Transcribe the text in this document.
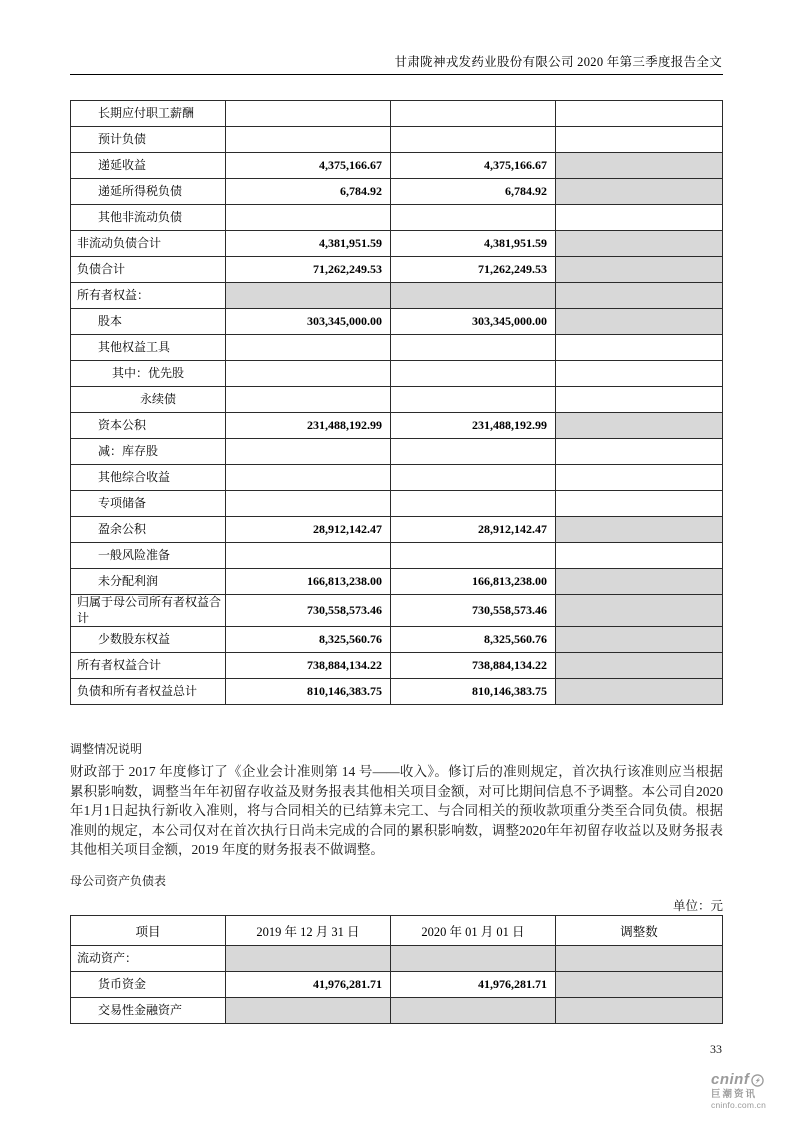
甘肃陇神戎发药业股份有限公司 2020 年第三季度报告全文
长期应付职工薪酬			
预计负债			
递延收益	4,375,166.67	4,375,166.67	
递延所得税负债	6,784.92	6,784.92	
其他非流动负债			
非流动负债合计	4,381,951.59	4,381,951.59	
负债合计	71,262,249.53	71,262,249.53	
所有者权益：			
股本	303,345,000.00	303,345,000.00	
其他权益工具			
其中：优先股			
永续债			
资本公积	231,488,192.99	231,488,192.99	
减：库存股			
其他综合收益			
专项储备			
盈余公积	28,912,142.47	28,912,142.47	
一般风险准备			
未分配利润	166,813,238.00	166,813,238.00	
归属于母公司所有者权益合计	730,558,573.46	730,558,573.46	
少数股东权益	8,325,560.76	8,325,560.76	
所有者权益合计	738,884,134.22	738,884,134.22	
负债和所有者权益总计	810,146,383.75	810,146,383.75	
调整情况说明
财政部于 2017 年度修订了《企业会计准则第 14 号——收入》。修订后的准则规定，首次执行该准则应当根据累积影响数，调整当年年初留存收益及财务报表其他相关项目金额，对可比期间信息不予调整。本公司自2020年1月1日起执行新收入准则，将与合同相关的已结算未完工、与合同相关的预收款项重分类至合同负债。根据准则的规定，本公司仅对在首次执行日尚未完成的合同的累积影响数，调整2020年年初留存收益以及财务报表其他相关项目金额，2019 年度的财务报表不做调整。
母公司资产负债表
单位：元
项目	2019 年 12 月 31 日	2020 年 01 月 01 日	调整数
流动资产：			
货币资金	41,976,281.71	41,976,281.71	
交易性金融资产			
33
cninf
巨潮资讯
cninfo.com.cn
